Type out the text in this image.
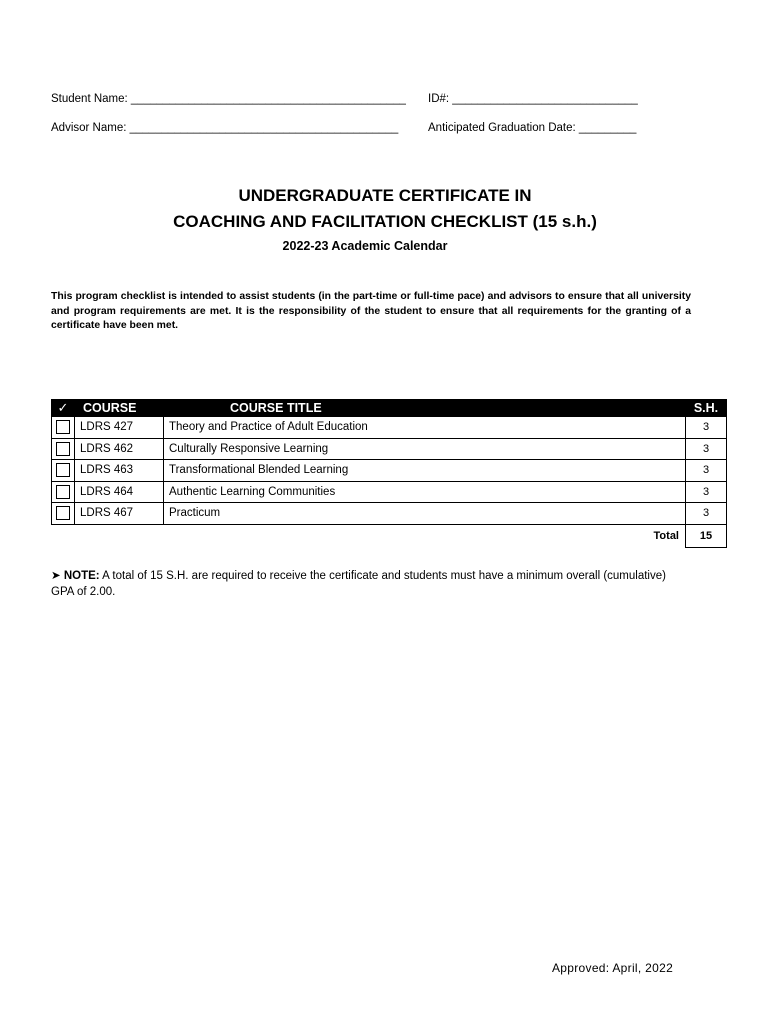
Student Name: ___________________________________________ ID#: _____________________________
Advisor Name: __________________________________________	Anticipated Graduation Date: _________
UNDERGRADUATE CERTIFICATE IN
COACHING AND FACILITATION CHECKLIST (15 s.h.)
2022-23 Academic Calendar
This program checklist is intended to assist students (in the part-time or full-time pace) and advisors to ensure that all university and program requirements are met. It is the responsibility of the student to ensure that all requirements for the granting of a certificate have been met.
✓	COURSE	COURSE TITLE	S.H.
	LDRS 427	Theory and Practice of Adult Education	3
	LDRS 462	Culturally Responsive Learning	3
	LDRS 463	Transformational Blended Learning	3
	LDRS 464	Authentic Learning Communities	3
	LDRS 467	Practicum	3
		Total	15
➤ NOTE: A total of 15 S.H. are required to receive the certificate and students must have a minimum overall (cumulative) GPA of 2.00.
Approved: April, 2022
